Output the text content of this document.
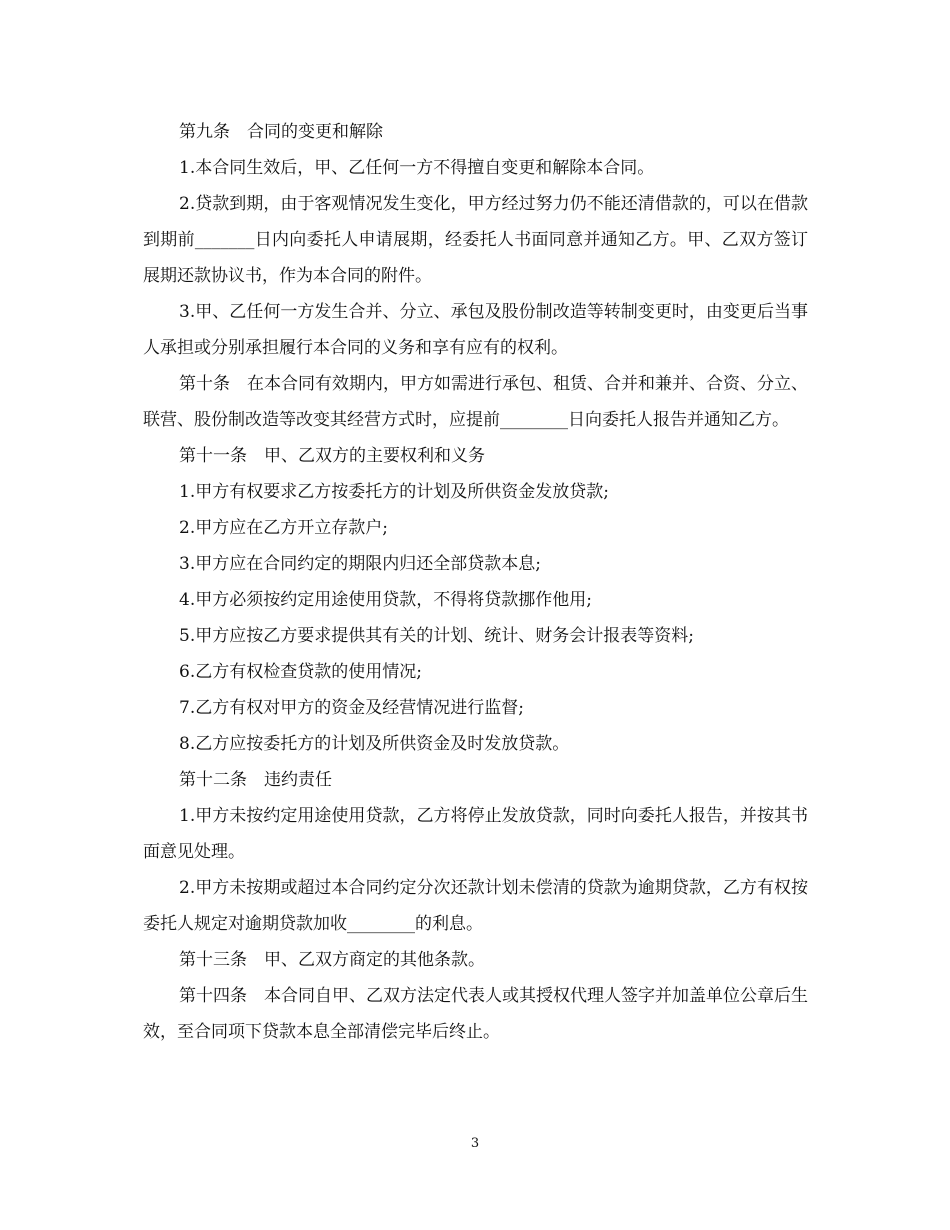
第九条　合同的变更和解除

1.本合同生效后，甲、乙任何一方不得擅自变更和解除本合同。

2.贷款到期，由于客观情况发生变化，甲方经过努力仍不能还清借款的，可以在借款到期前_______日内向委托人申请展期，经委托人书面同意并通知乙方。甲、乙双方签订展期还款协议书，作为本合同的附件。

3.甲、乙任何一方发生合并、分立、承包及股份制改造等转制变更时，由变更后当事人承担或分别承担履行本合同的义务和享有应有的权利。

第十条　在本合同有效期内，甲方如需进行承包、租赁、合并和兼并、合资、分立、联营、股份制改造等改变其经营方式时，应提前________日向委托人报告并通知乙方。

第十一条　甲、乙双方的主要权利和义务

1.甲方有权要求乙方按委托方的计划及所供资金发放贷款;

2.甲方应在乙方开立存款户;

3.甲方应在合同约定的期限内归还全部贷款本息;

4.甲方必须按约定用途使用贷款，不得将贷款挪作他用;

5.甲方应按乙方要求提供其有关的计划、统计、财务会计报表等资料;

6.乙方有权检查贷款的使用情况;

7.乙方有权对甲方的资金及经营情况进行监督;

8.乙方应按委托方的计划及所供资金及时发放贷款。

第十二条　违约责任

1.甲方未按约定用途使用贷款，乙方将停止发放贷款，同时向委托人报告，并按其书面意见处理。

2.甲方未按期或超过本合同约定分次还款计划未偿清的贷款为逾期贷款，乙方有权按委托人规定对逾期贷款加收________的利息。

第十三条　甲、乙双方商定的其他条款。

第十四条　本合同自甲、乙双方法定代表人或其授权代理人签字并加盖单位公章后生效，至合同项下贷款本息全部清偿完毕后终止。

3
